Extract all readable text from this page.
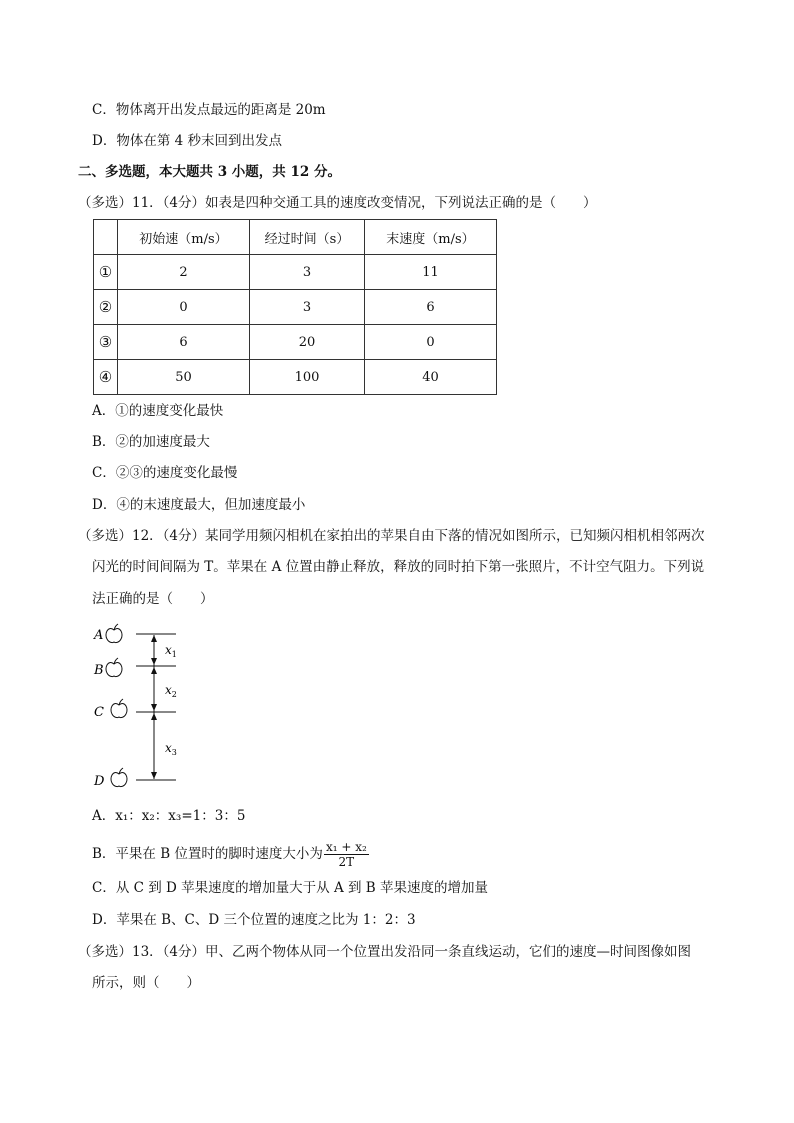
C．物体离开出发点最远的距离是 20m
D．物体在第 4 秒末回到出发点
二、多选题，本大题共 3 小题，共 12 分。
（多选）11．（4分）如表是四种交通工具的速度改变情况，下列说法正确的是（　　）
	初始速（m/s）	经过时间（s）	末速度（m/s）
①	2	3	11
②	0	3	6
③	6	20	0
④	50	100	40
A．①的速度变化最快
B．②的加速度最大
C．②③的速度变化最慢
D．④的末速度最大，但加速度最小
（多选）12．（4分）某同学用频闪相机在家拍出的苹果自由下落的情况如图所示，已知频闪相机相邻两次
闪光的时间间隔为 T。苹果在 A 位置由静止释放，释放的同时拍下第一张照片，不计空气阻力。下列说
法正确的是（　　）
A
B
C
D
$x_1$
$x_2$
$x_3$
A．x₁：x₂：x₃=1：3：5
B．平果在 B 位置时的脚时速度大小为 $\frac{\text{x₁ + x₂}}{2T}$
C．从 C 到 D 苹果速度的增加量大于从 A 到 B 苹果速度的增加量
D．苹果在 B、C、D 三个位置的速度之比为 1：2：3
（多选）13．（4分）甲、乙两个物体从同一个位置出发沿同一条直线运动，它们的速度—时间图像如图
所示，则（　　）
